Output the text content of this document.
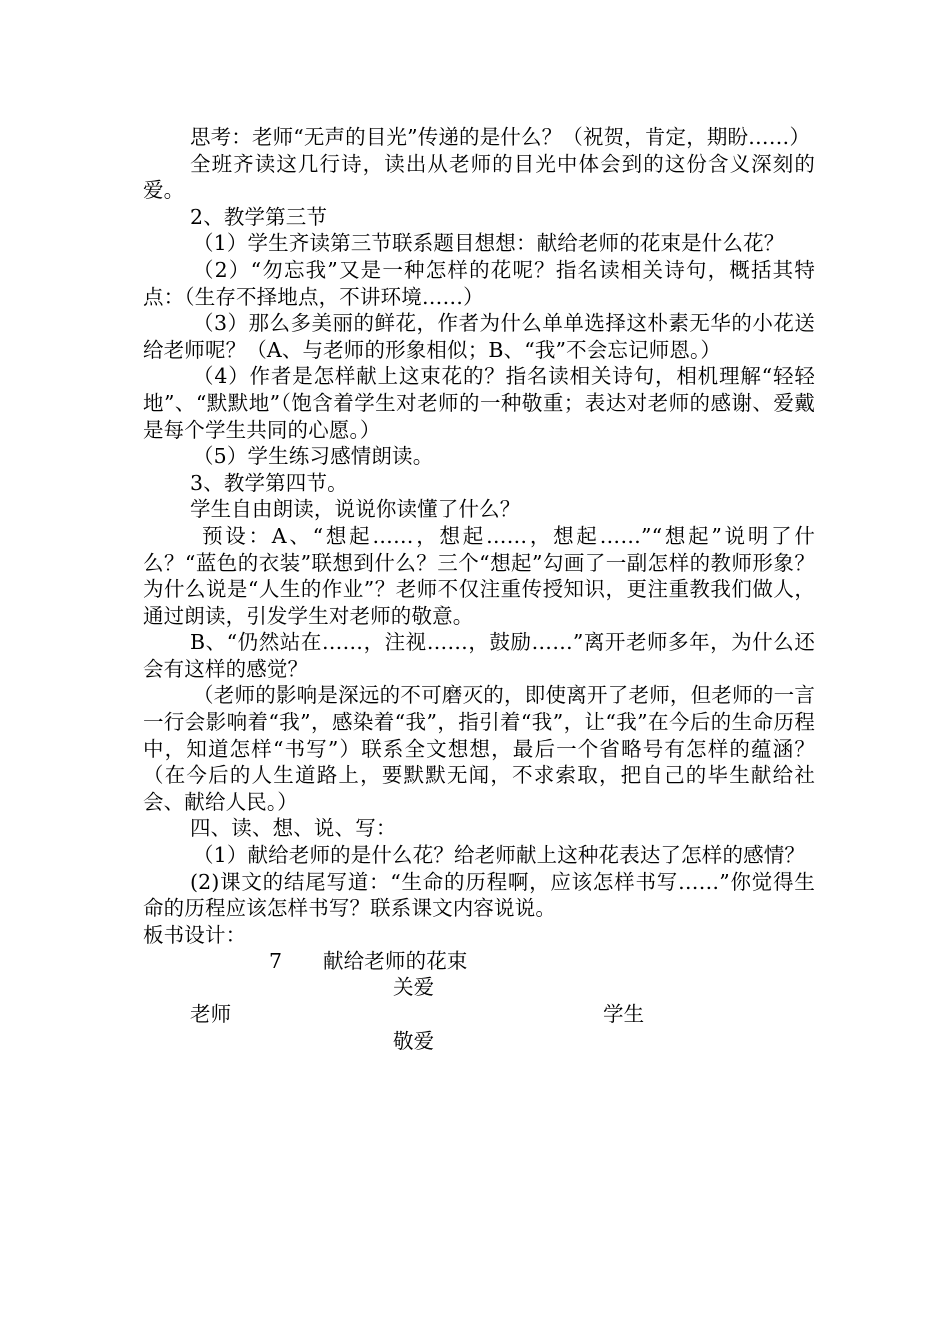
思考：老师“无声的目光”传递的是什么？（祝贺，肯定，期盼……）

全班齐读这几行诗，读出从老师的目光中体会到的这份含义深刻的爱。

2、教学第三节

（1）学生齐读第三节联系题目想想：献给老师的花束是什么花？

（2）“勿忘我”又是一种怎样的花呢？指名读相关诗句，概括其特点：（生存不择地点，不讲环境……）

（3）那么多美丽的鲜花，作者为什么单单选择这朴素无华的小花送给老师呢？（A、与老师的形象相似；B、“我”不会忘记师恩。）

（4）作者是怎样献上这束花的？指名读相关诗句，相机理解“轻轻地”、“默默地”（饱含着学生对老师的一种敬重；表达对老师的感谢、爱戴是每个学生共同的心愿。）

（5）学生练习感情朗读。

3、教学第四节。

学生自由朗读，说说你读懂了什么？

预设：A、“想起……，想起……，想起……”“想起”说明了什么？“蓝色的衣装”联想到什么？三个“想起”勾画了一副怎样的教师形象？为什么说是“人生的作业”？老师不仅注重传授知识，更注重教我们做人，通过朗读，引发学生对老师的敬意。

B、“仍然站在……，注视……，鼓励……”离开老师多年，为什么还会有这样的感觉？

（老师的影响是深远的不可磨灭的，即使离开了老师，但老师的一言一行会影响着“我”，感染着“我”，指引着“我”，让“我”在今后的生命历程中，知道怎样“书写”）联系全文想想，最后一个省略号有怎样的蕴涵？（在今后的人生道路上，要默默无闻，不求索取，把自己的毕生献给社会、献给人民。）

四、读、想、说、写：

（1）献给老师的是什么花？给老师献上这种花表达了怎样的感情？

(2)课文的结尾写道：“生命的历程啊，应该怎样书写……”你觉得生命的历程应该怎样书写？联系课文内容说说。

板书设计：

7 献给老师的花束
关爱
老师	学生
敬爱
